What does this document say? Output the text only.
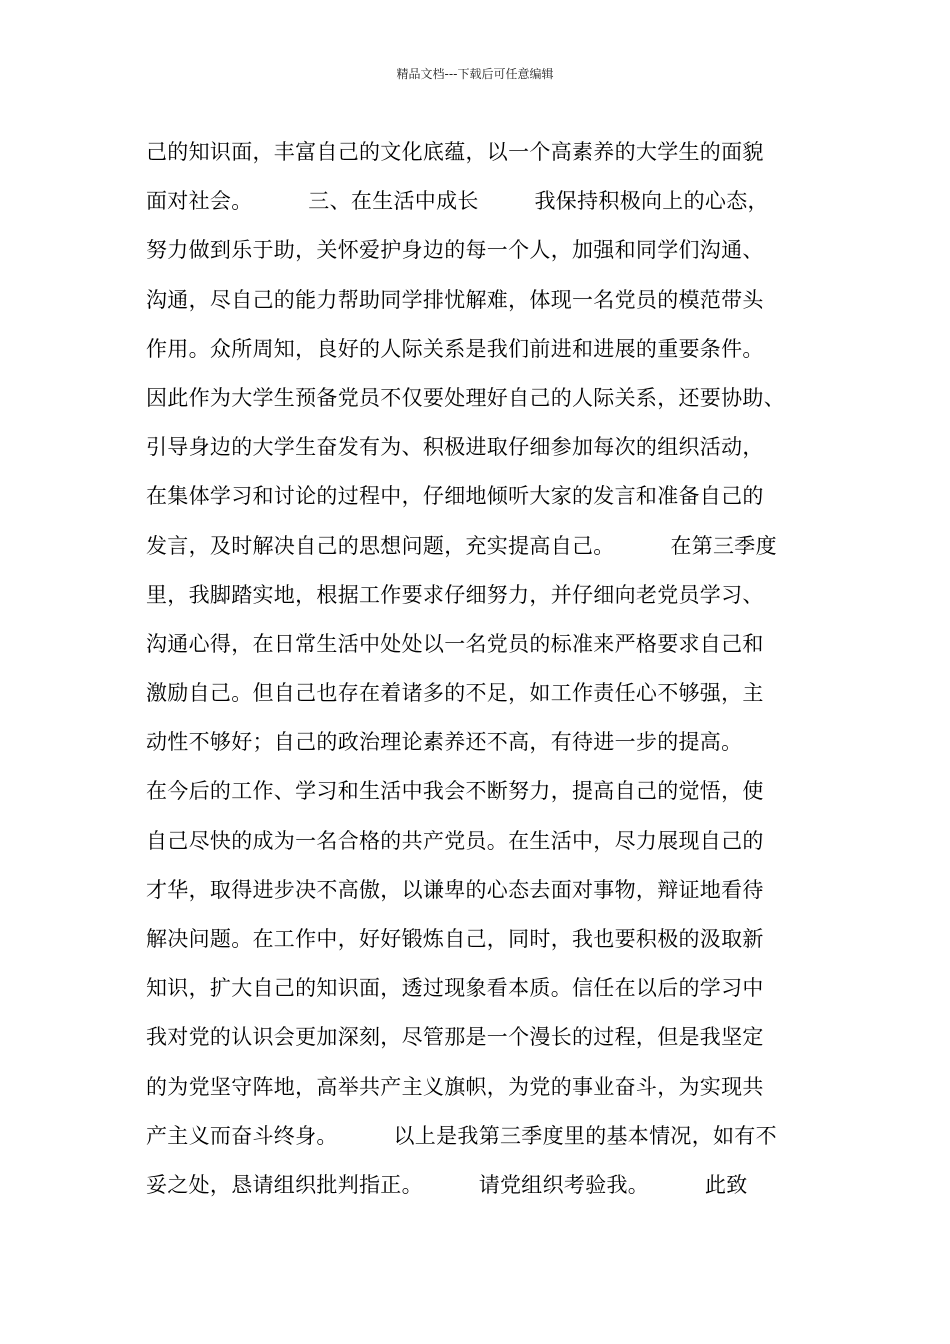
精品文档---下载后可任意编辑
己的知识面，丰富自己的文化底蕴，以一个高素养的大学生的面貌
面对社会。        三、在生活中成长        我保持积极向上的心态，
努力做到乐于助，关怀爱护身边的每一个人，加强和同学们沟通、
沟通，尽自己的能力帮助同学排忧解难，体现一名党员的模范带头
作用。众所周知，良好的人际关系是我们前进和进展的重要条件。
因此作为大学生预备党员不仅要处理好自己的人际关系，还要协助、
引导身边的大学生奋发有为、积极进取仔细参加每次的组织活动，
在集体学习和讨论的过程中，仔细地倾听大家的发言和准备自己的
发言，及时解决自己的思想问题，充实提高自己。        在第三季度
里，我脚踏实地，根据工作要求仔细努力，并仔细向老党员学习、
沟通心得，在日常生活中处处以一名党员的标准来严格要求自己和
激励自己。但自己也存在着诸多的不足，如工作责任心不够强，主
动性不够好；自己的政治理论素养还不高，有待进一步的提高。
在今后的工作、学习和生活中我会不断努力，提高自己的觉悟，使
自己尽快的成为一名合格的共产党员。在生活中，尽力展现自己的
才华，取得进步决不高傲，以谦卑的心态去面对事物，辩证地看待
解决问题。在工作中，好好锻炼自己，同时，我也要积极的汲取新
知识，扩大自己的知识面，透过现象看本质。信任在以后的学习中
我对党的认识会更加深刻，尽管那是一个漫长的过程，但是我坚定
的为党坚守阵地，高举共产主义旗帜，为党的事业奋斗，为实现共
产主义而奋斗终身。        以上是我第三季度里的基本情况，如有不
妥之处，恳请组织批判指正。        请党组织考验我。        此致
